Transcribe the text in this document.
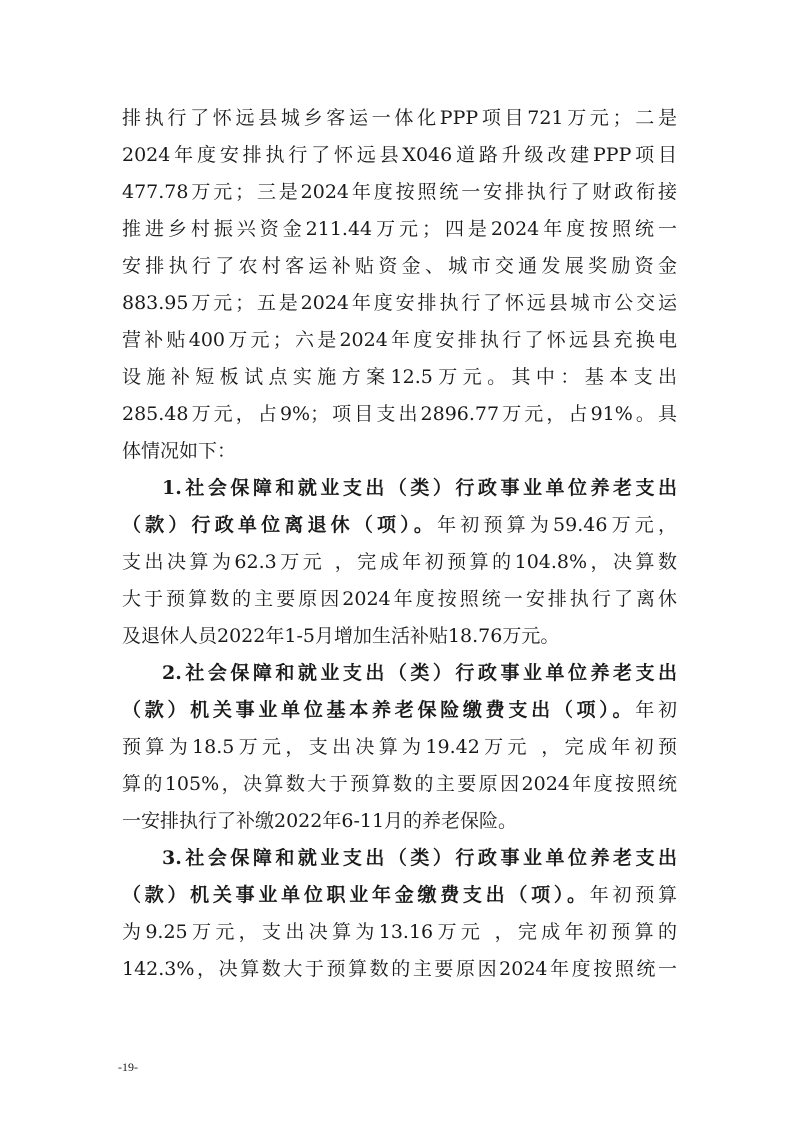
排执行了怀远县城乡客运一体化PPP项目721万元；二是
2024年度安排执行了怀远县X046道路升级改建PPP项目
477.78万元；三是2024年度按照统一安排执行了财政衔接
推进乡村振兴资金211.44万元；四是2024年度按照统一
安排执行了农村客运补贴资金、城市交通发展奖励资金
883.95万元；五是2024年度安排执行了怀远县城市公交运
营补贴400万元；六是2024年度安排执行了怀远县充换电
设施补短板试点实施方案12.5万元。其中：基本支出
285.48万元，占9%；项目支出2896.77万元，占91%。具
体情况如下：
1.社会保障和就业支出（类）行政事业单位养老支出
（款）行政单位离退休（项）。年初预算为59.46万元，
支出决算为62.3万元 ，完成年初预算的104.8%，决算数
大于预算数的主要原因2024年度按照统一安排执行了离休
及退休人员2022年1-5月增加生活补贴18.76万元。
2.社会保障和就业支出（类）行政事业单位养老支出
（款）机关事业单位基本养老保险缴费支出（项）。年初
预算为18.5万元，支出决算为19.42万元 ，完成年初预
算的105%，决算数大于预算数的主要原因2024年度按照统
一安排执行了补缴2022年6-11月的养老保险。
3.社会保障和就业支出（类）行政事业单位养老支出
（款）机关事业单位职业年金缴费支出（项）。年初预算
为9.25万元，支出决算为13.16万元 ，完成年初预算的
142.3%，决算数大于预算数的主要原因2024年度按照统一
-19-
